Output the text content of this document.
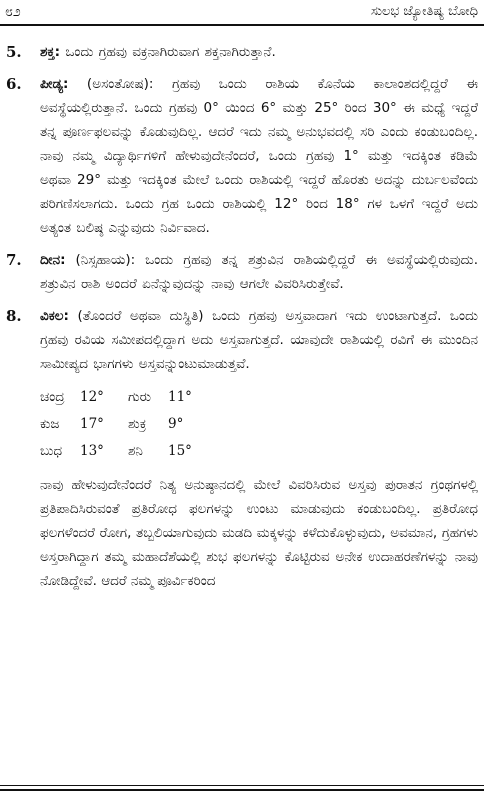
೮೨	ಸುಲಭ ಜ್ಯೋತಿಷ್ಯ ಬೋಧಿ
5. ಶಕ್ತ: ಒಂದು ಗ್ರಹವು ವಕ್ರನಾಗಿರುವಾಗ ಶಕ್ತನಾಗಿರುತ್ತಾನೆ.
6. ಪೀಡ್ಯ: (ಅಸಂತೋಷ): ಗ್ರಹವು ಒಂದು ರಾಶಿಯ ಕೊನೆಯ ಕಾಲಾಂಶದಲ್ಲಿದ್ದರೆ ಈ ಅವಸ್ಥೆಯಲ್ಲಿರುತ್ತಾನೆ. ಒಂದು ಗ್ರಹವು 0° ಯಿಂದ 6° ಮತ್ತು 25° ರಿಂದ 30° ಈ ಮಧ್ಯೆ ಇದ್ದರೆ ತನ್ನ ಪೂರ್ಣಫಲವನ್ನು ಕೊಡುವುದಿಲ್ಲ. ಆದರೆ ಇದು ನಮ್ಮ ಅನುಭವದಲ್ಲಿ ಸರಿ ಎಂದು ಕಂಡುಬಂದಿಲ್ಲ. ನಾವು ನಮ್ಮ ವಿದ್ಯಾರ್ಥಿಗಳಿಗೆ ಹೇಳುವುದೇನೆಂದರೆ, ಒಂದು ಗ್ರಹವು 1° ಮತ್ತು ಇದಕ್ಕಿಂತ ಕಡಿಮೆ ಅಥವಾ 29° ಮತ್ತು ಇದಕ್ಕಿಂತ ಮೇಲೆ ಒಂದು ರಾಶಿಯಲ್ಲಿ ಇದ್ದರೆ ಹೊರತು ಅದನ್ನು ದುರ್ಬಲವೆಂದು ಪರಿಗಣಿಸಲಾಗದು. ಒಂದು ಗ್ರಹ ಒಂದು ರಾಶಿಯಲ್ಲಿ 12° ರಿಂದ 18° ಗಳ ಒಳಗೆ ಇದ್ದರೆ ಅದು ಅತ್ಯಂತ ಬಲಿಷ್ಠ ಎನ್ನುವುದು ನಿರ್ವಿವಾದ.
7. ದೀನ: (ನಿಸ್ಸಹಾಯ): ಒಂದು ಗ್ರಹವು ತನ್ನ ಶತ್ರುವಿನ ರಾಶಿಯಲ್ಲಿದ್ದರೆ ಈ ಅವಸ್ಥೆಯಲ್ಲಿರುವುದು. ಶತ್ರುವಿನ ರಾಶಿ ಅಂದರೆ ಏನೆನ್ನುವುದನ್ನು ನಾವು ಆಗಲೇ ವಿವರಿಸಿರುತ್ತೇವೆ.
8. ವಿಕಲ: (ತೊಂದರೆ ಅಥವಾ ದುಸ್ಥಿತಿ) ಒಂದು ಗ್ರಹವು ಅಸ್ತವಾದಾಗ ಇದು ಉಂಟಾಗುತ್ತದೆ. ಒಂದು ಗ್ರಹವು ರವಿಯ ಸಮೀಪದಲ್ಲಿದ್ದಾಗ ಅದು ಅಸ್ತವಾಗುತ್ತದೆ. ಯಾವುದೇ ರಾಶಿಯಲ್ಲಿ ರವಿಗೆ ಈ ಮುಂದಿನ ಸಾಮೀಪ್ಯದ ಭಾಗಗಳು ಅಸ್ತವನ್ನುಂಟುಮಾಡುತ್ತವೆ.
ಚಂದ್ರ 12° ಗುರು 11°
ಕುಜ 17° ಶುಕ್ರ 9°
ಬುಧ 13° ಶನಿ 15°
ನಾವು ಹೇಳುವುದೇನೆಂದರೆ ನಿತ್ಯ ಅನುಷ್ಠಾನದಲ್ಲಿ ಮೇಲೆ ವಿವರಿಸಿರುವ ಅಸ್ತವು ಪುರಾತನ ಗ್ರಂಥಗಳಲ್ಲಿ ಪ್ರತಿಪಾದಿಸಿರುವಂತೆ ಪ್ರತಿರೋಧ ಫಲಗಳನ್ನು ಉಂಟು ಮಾಡುವುದು ಕಂಡುಬಂದಿಲ್ಲ. ಪ್ರತಿರೋಧ ಫಲಗಳೆಂದರೆ ರೋಗ, ತಬ್ಬಲಿಯಾಗುವುದು ಮಡದಿ ಮಕ್ಕಳನ್ನು ಕಳೆದುಕೊಳ್ಳುವುದು, ಅವಮಾನ, ಗ್ರಹಗಳು ಅಸ್ತರಾಗಿದ್ದಾಗ ತಮ್ಮ ಮಹಾದೆಶೆಯಲ್ಲಿ ಶುಭ ಫಲಗಳನ್ನು ಕೊಟ್ಟಿರುವ ಅನೇಕ ಉದಾಹರಣೆಗಳನ್ನು ನಾವು ನೋಡಿದ್ದೇವೆ. ಆದರೆ ನಮ್ಮ ಪೂರ್ವಿಕರಿಂದ
